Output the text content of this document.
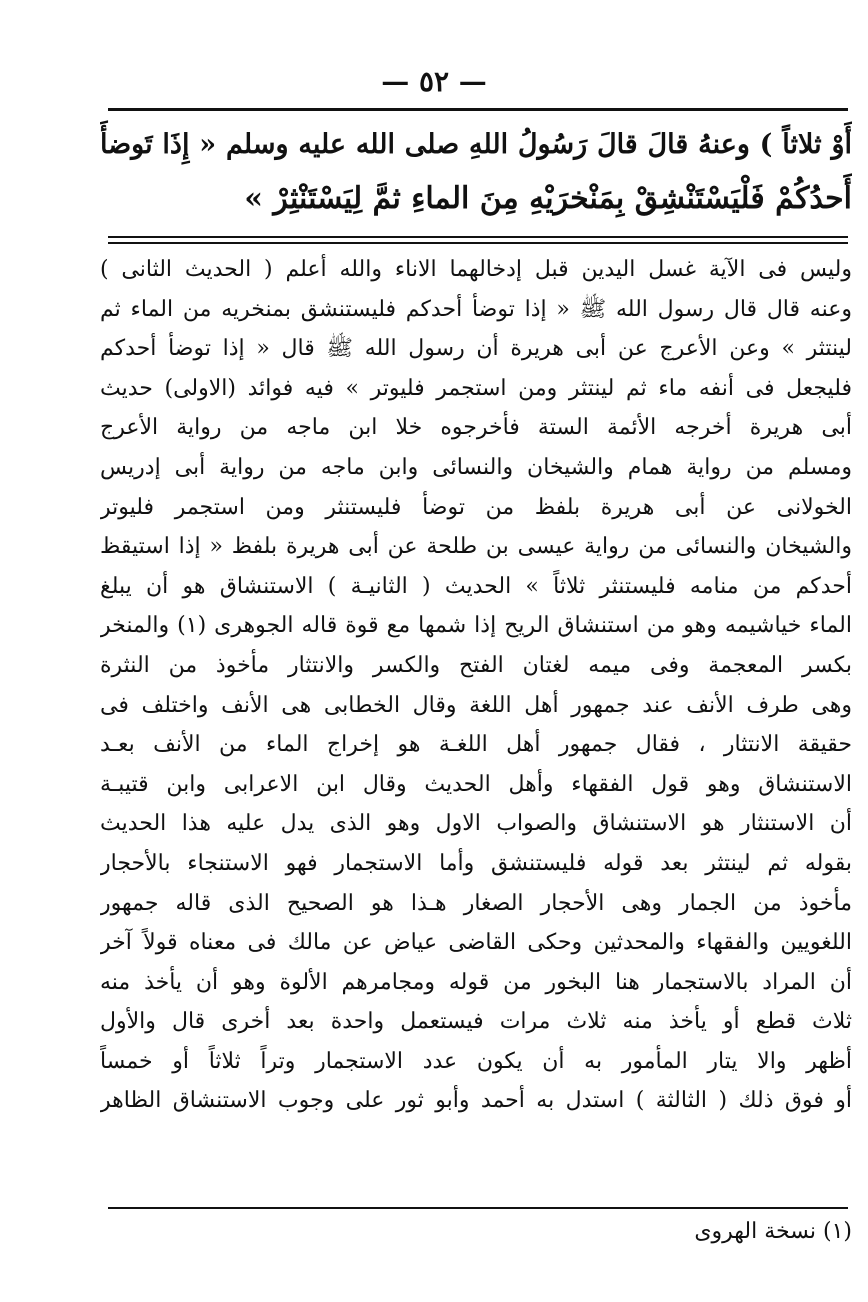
— ٥٢ —
أَوْ ثلاثاً ) وعنهُ قالَ قالَ رَسُولُ اللهِ صلى الله عليه وسلم « إِذَا تَوضأَ
أَحدُكُمْ فَلْيَسْتَنْشِقْ بِمَنْخرَيْهِ مِنَ الماءِ ثمَّ لِيَسْتَنْثِرْ »
وليس فى الآية غسل اليدين قبل إدخالهما الاناء والله أعلم ( الحديث الثانى )
وعنه قال قال رسول الله ﷺ « إذا توضأ أحدكم فليستنشق بمنخريه من الماء ثم
لينتثر » وعن الأعرج عن أبى هريرة أن رسول الله ﷺ قال « إذا توضأ أحدكم
فليجعل فى أنفه ماء ثم لينتثر ومن استجمر فليوتر » فيه فوائد (الاولى) حديث
أبى هريرة أخرجه الأئمة الستة فأخرجوه خلا ابن ماجه من رواية الأعرج
ومسلم من رواية همام والشيخان والنسائى وابن ماجه من رواية أبى إدريس
الخولانى عن أبى هريرة بلفظ من توضأ فليستنثر ومن استجمر فليوتر
والشيخان والنسائى من رواية عيسى بن طلحة عن أبى هريرة بلفظ « إذا استيقظ
أحدكم من منامه فليستنثر ثلاثاً » الحديث ( الثانيـة ) الاستنشاق هو أن يبلغ
الماء خياشيمه وهو من استنشاق الريح إذا شمها مع قوة قاله الجوهرى (١) والمنخر
بكسر المعجمة وفى ميمه لغتان الفتح والكسر والانتثار مأخوذ من النثرة
وهى طرف الأنف عند جمهور أهل اللغة وقال الخطابى هى الأنف واختلف فى
حقيقة الانتثار ، فقال جمهور أهل اللغـة هو إخراج الماء من الأنف بعـد
الاستنشاق وهو قول الفقهاء وأهل الحديث وقال ابن الاعرابى وابن قتيبـة
أن الاستنثار هو الاستنشاق والصواب الاول وهو الذى يدل عليه هذا الحديث
بقوله ثم لينتثر بعد قوله فليستنشق وأما الاستجمار فهو الاستنجاء بالأحجار
مأخوذ من الجمار وهى الأحجار الصغار هـذا هو الصحيح الذى قاله جمهور
اللغويين والفقهاء والمحدثين وحكى القاضى عياض عن مالك فى معناه قولاً آخر
أن المراد بالاستجمار هنا البخور من قوله ومجامرهم الألوة وهو أن يأخذ منه
ثلاث قطع أو يأخذ منه ثلاث مرات فيستعمل واحدة بعد أخرى قال والأول
أظهر والا يتار المأمور به أن يكون عدد الاستجمار وتراً ثلاثاً أو خمساً
أو فوق ذلك ( الثالثة ) استدل به أحمد وأبو ثور على وجوب الاستنشاق الظاهر
(١) نسخة الهروى
